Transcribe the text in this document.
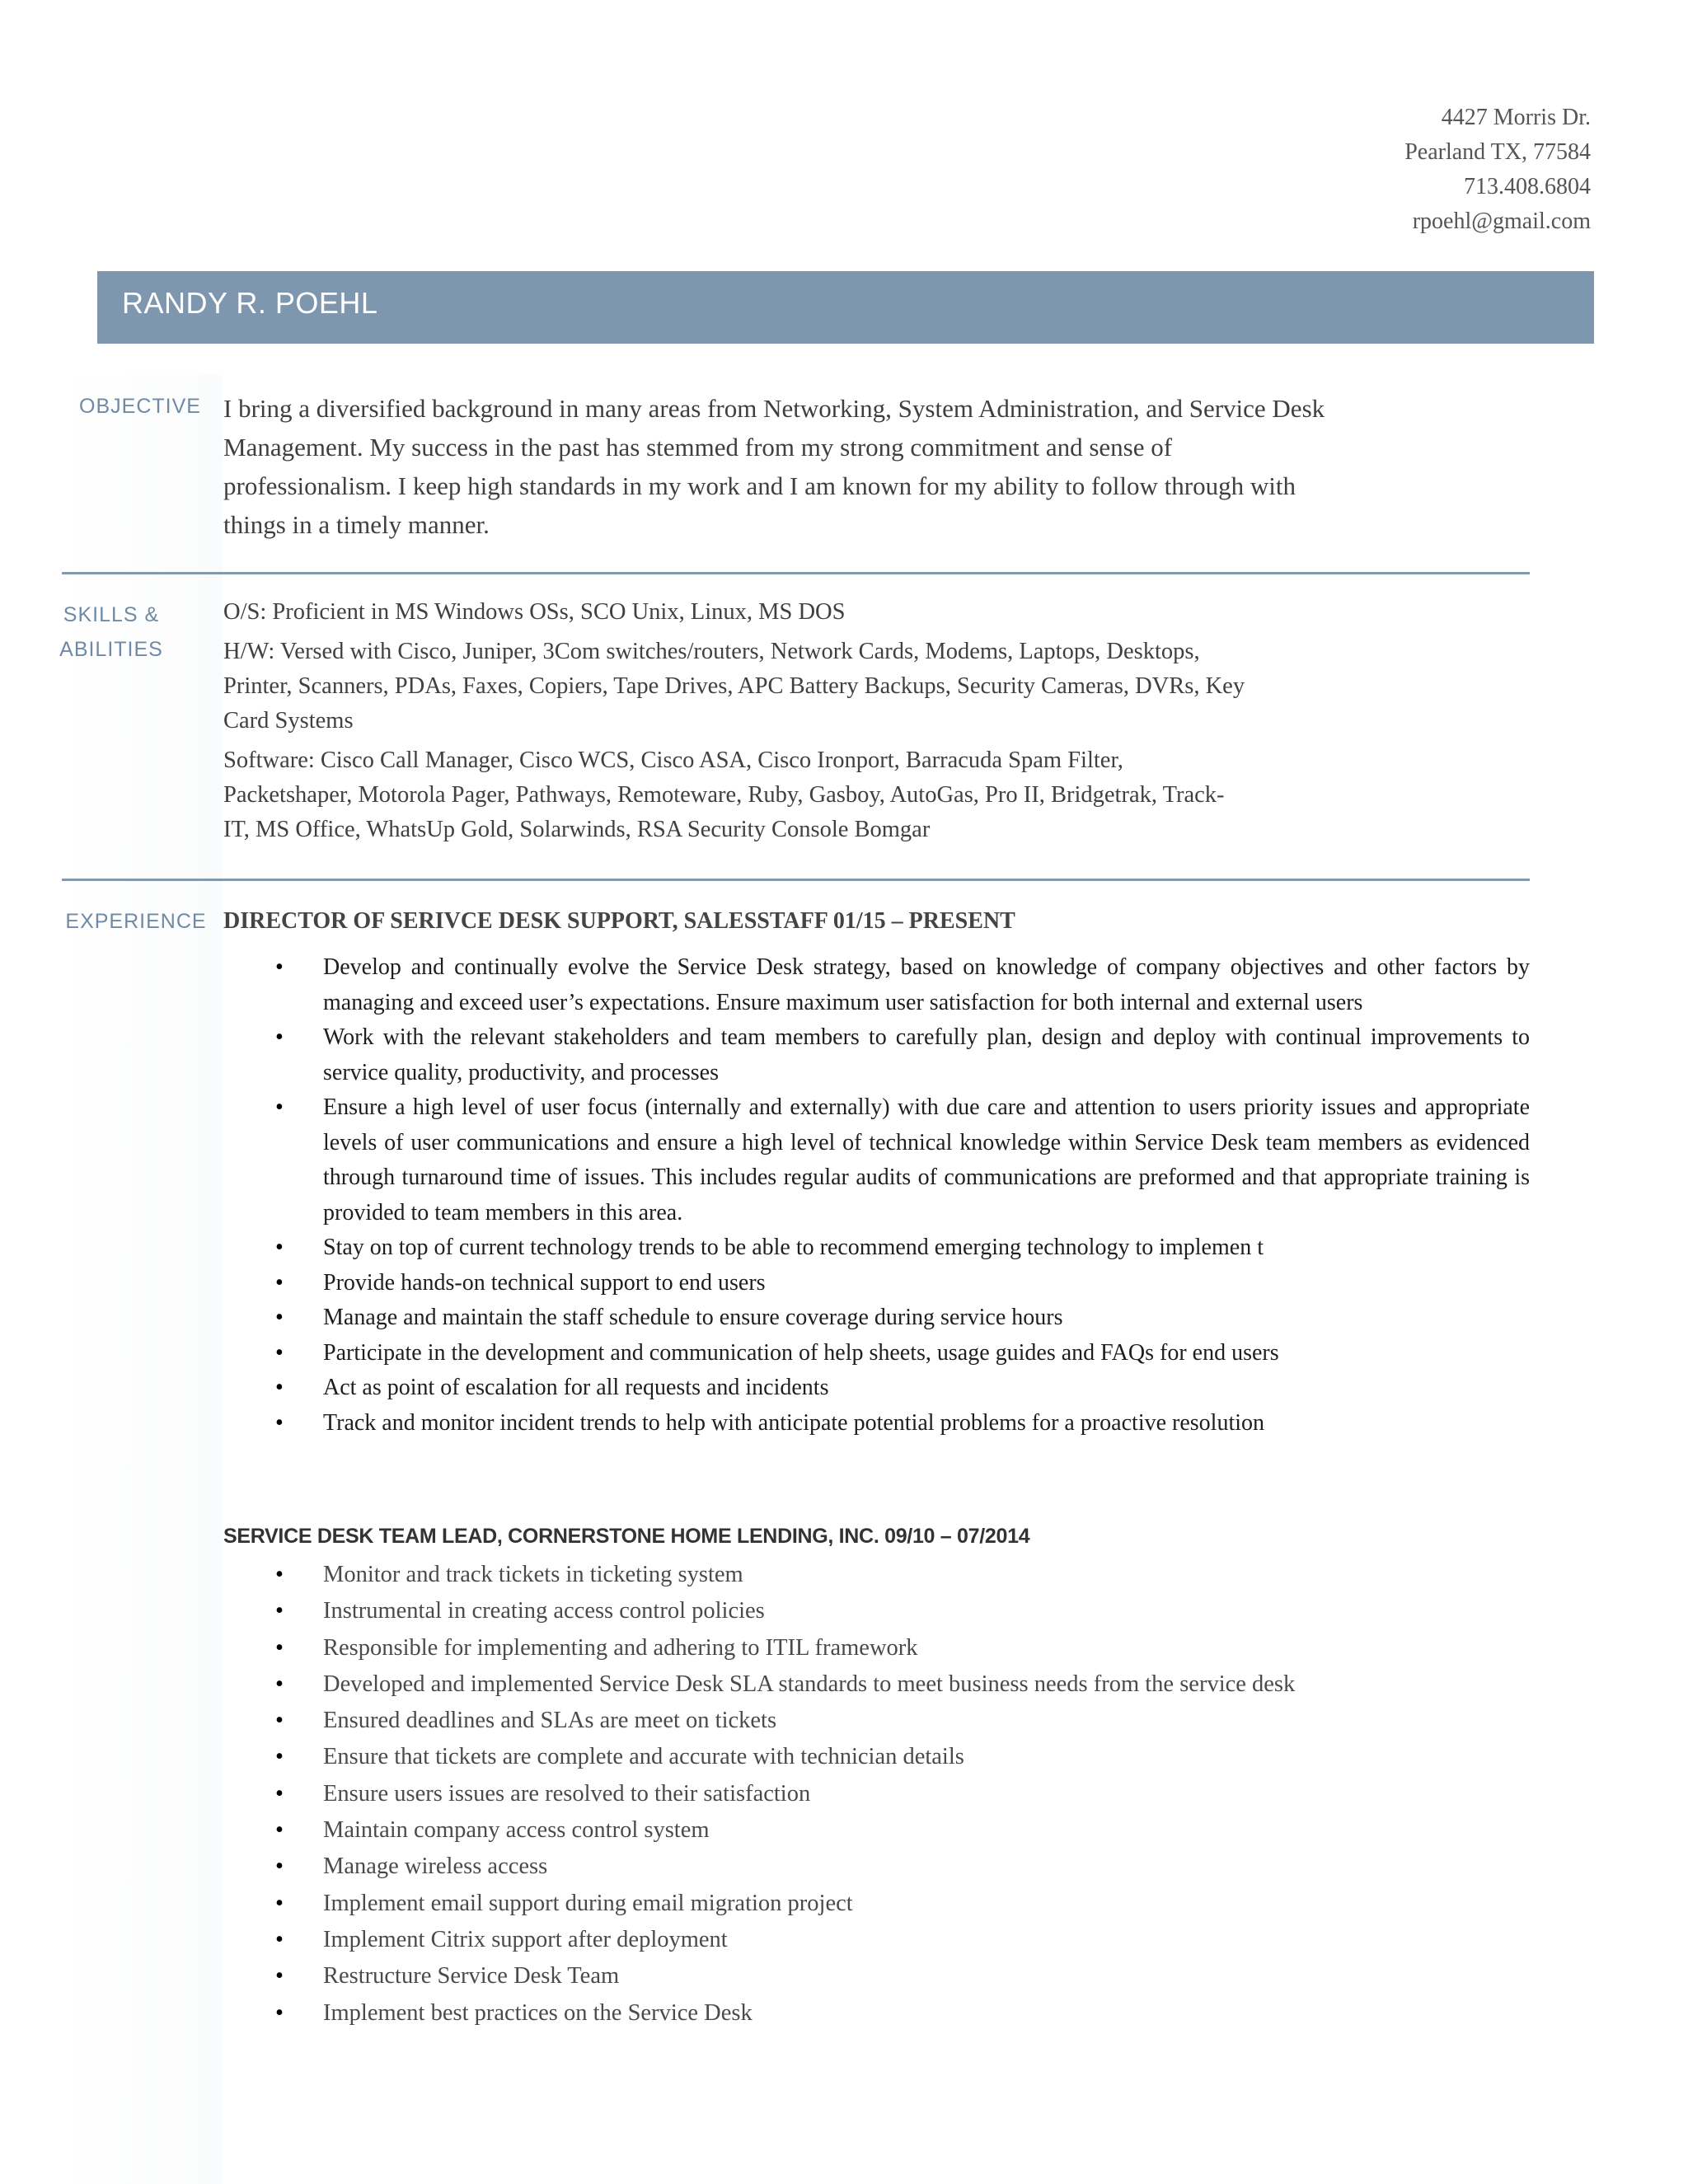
4427 Morris Dr.
Pearland TX, 77584
713.408.6804
rpoehl@gmail.com
RANDY R. POEHL
OBJECTIVE I bring a diversified background in many areas from Networking, System Administration, and Service Desk Management. My success in the past has stemmed from my strong commitment and sense of professionalism. I keep high standards in my work and I am known for my ability to follow through with things in a timely manner.
SKILLS &
ABILITIES
O/S: Proficient in MS Windows OSs, SCO Unix, Linux, MS DOS
H/W: Versed with Cisco, Juniper, 3Com switches/routers, Network Cards, Modems, Laptops, Desktops,
Printer, Scanners, PDAs, Faxes, Copiers, Tape Drives, APC Battery Backups, Security Cameras, DVRs, Key
Card Systems
Software: Cisco Call Manager, Cisco WCS, Cisco ASA, Cisco Ironport, Barracuda Spam Filter,
Packetshaper, Motorola Pager, Pathways, Remoteware, Ruby, Gasboy, AutoGas, Pro II, Bridgetrak, Track-
IT, MS Office, WhatsUp Gold, Solarwinds, RSA Security Console Bomgar
EXPERIENCE DIRECTOR OF SERIVCE DESK SUPPORT, SALESSTAFF 01/15 – PRESENT
• Develop and continually evolve the Service Desk strategy, based on knowledge of company objectives and other factors by managing and exceed user’s expectations. Ensure maximum user satisfaction for both internal and external users
• Work with the relevant stakeholders and team members to carefully plan, design and deploy with continual improvements to service quality, productivity, and processes
• Ensure a high level of user focus (internally and externally) with due care and attention to users priority issues and appropriate levels of user communications and ensure a high level of technical knowledge within Service Desk team members as evidenced through turnaround time of issues. This includes regular audits of communications are preformed and that appropriate training is provided to team members in this area.
• Stay on top of current technology trends to be able to recommend emerging technology to implemen t
• Provide hands-on technical support to end users
• Manage and maintain the staff schedule to ensure coverage during service hours
• Participate in the development and communication of help sheets, usage guides and FAQs for end users
• Act as point of escalation for all requests and incidents
• Track and monitor incident trends to help with anticipate potential problems for a proactive resolution
SERVICE DESK TEAM LEAD, CORNERSTONE HOME LENDING, INC. 09/10 – 07/2014
• Monitor and track tickets in ticketing system
• Instrumental in creating access control policies
• Responsible for implementing and adhering to ITIL framework
• Developed and implemented Service Desk SLA standards to meet business needs from the service desk
• Ensured deadlines and SLAs are meet on tickets
• Ensure that tickets are complete and accurate with technician details
• Ensure users issues are resolved to their satisfaction
• Maintain company access control system
• Manage wireless access
• Implement email support during email migration project
• Implement Citrix support after deployment
• Restructure Service Desk Team
• Implement best practices on the Service Desk
